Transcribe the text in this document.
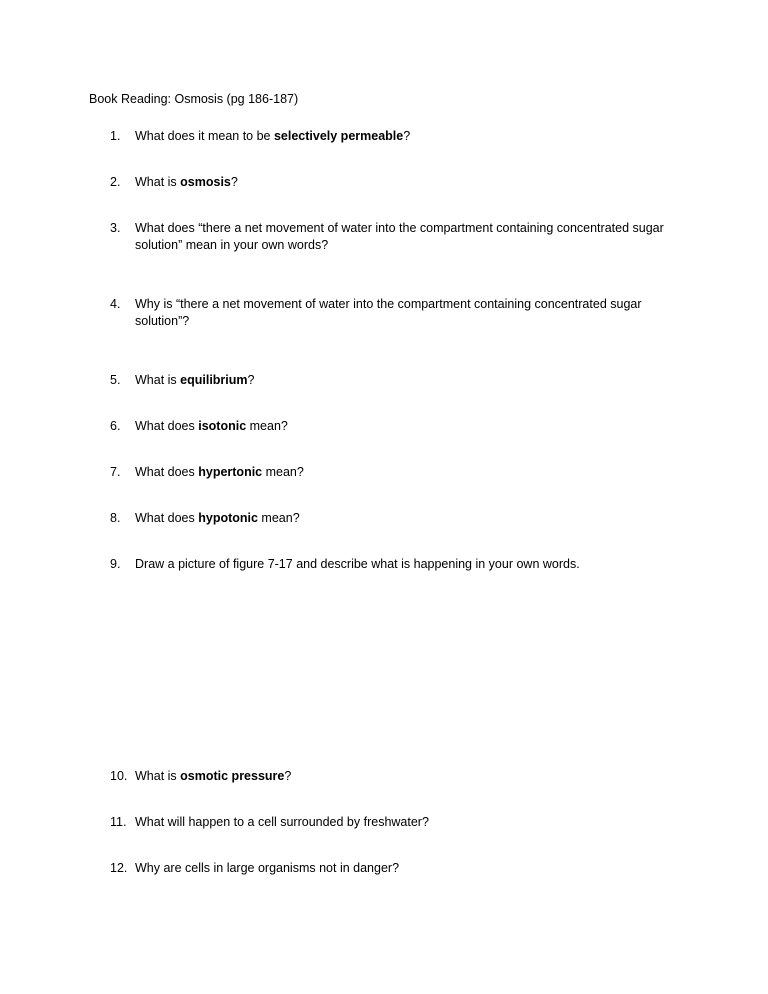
Book Reading: Osmosis (pg 186-187)
1. What does it mean to be selectively permeable?
2. What is osmosis?
3. What does “there a net movement of water into the compartment containing concentrated sugar solution” mean in your own words?
4. Why is “there a net movement of water into the compartment containing concentrated sugar solution”?
5. What is equilibrium?
6. What does isotonic mean?
7. What does hypertonic mean?
8. What does hypotonic mean?
9. Draw a picture of figure 7-17 and describe what is happening in your own words.
10. What is osmotic pressure?
11. What will happen to a cell surrounded by freshwater?
12. Why are cells in large organisms not in danger?
